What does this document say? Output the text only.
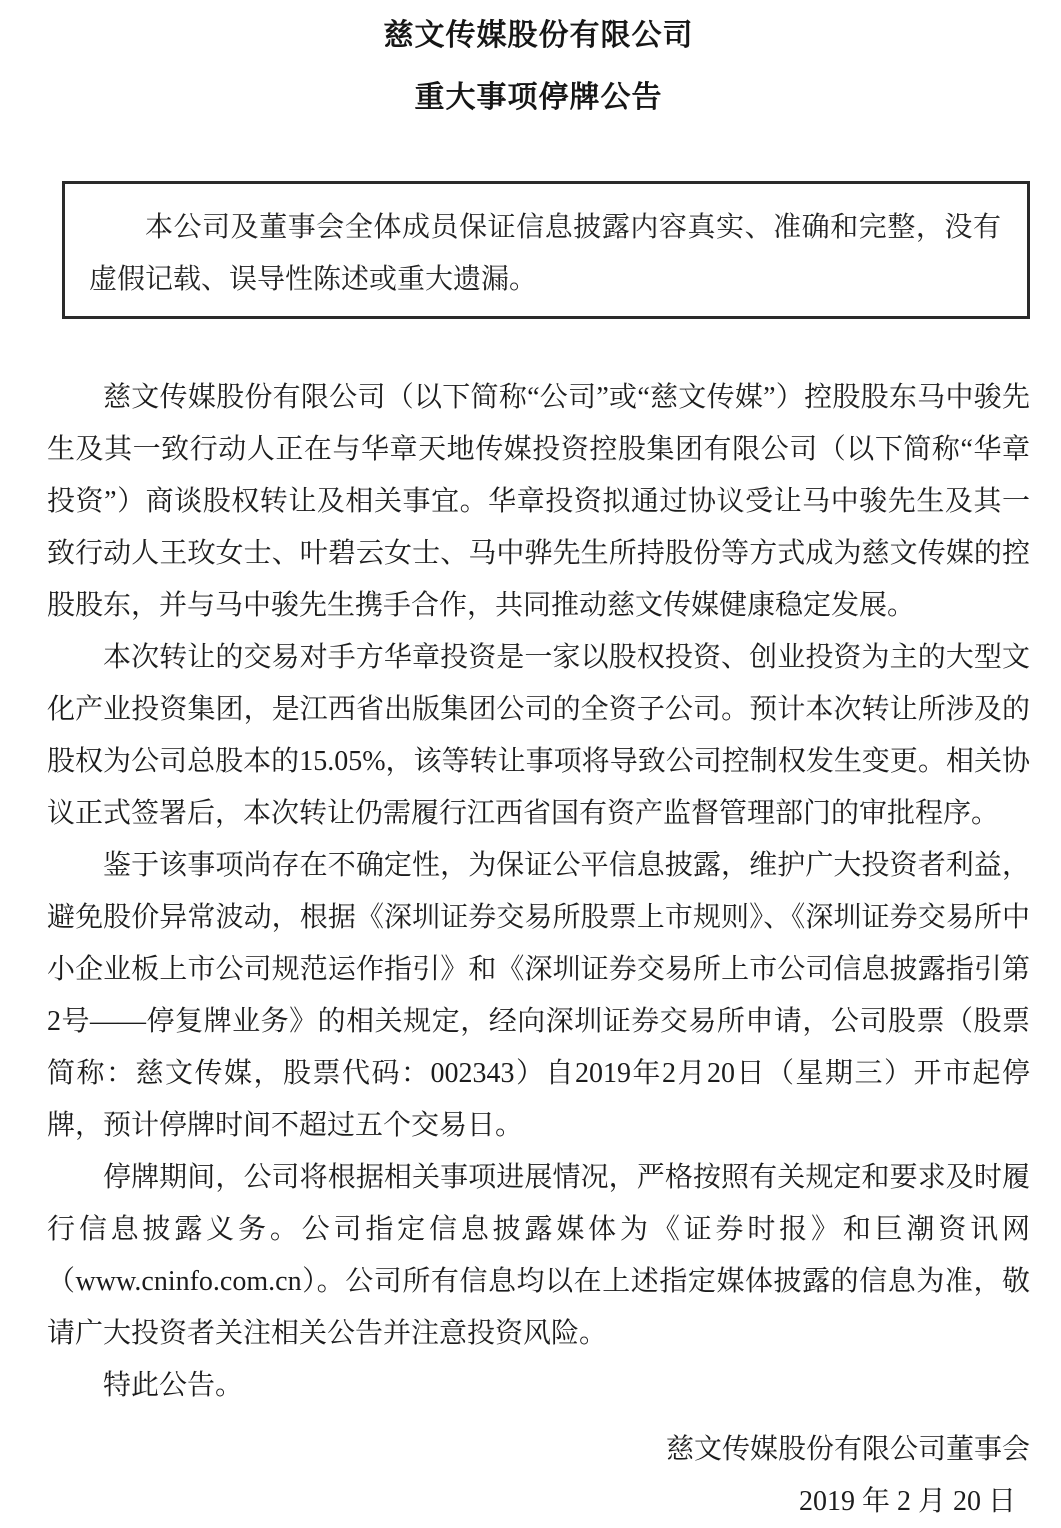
慈文传媒股份有限公司
重大事项停牌公告

本公司及董事会全体成员保证信息披露内容真实、准确和完整，没有虚假记载、误导性陈述或重大遗漏。

慈文传媒股份有限公司（以下简称“公司”或“慈文传媒”）控股股东马中骏先生及其一致行动人正在与华章天地传媒投资控股集团有限公司（以下简称“华章投资”）商谈股权转让及相关事宜。华章投资拟通过协议受让马中骏先生及其一致行动人王玫女士、叶碧云女士、马中骅先生所持股份等方式成为慈文传媒的控股股东，并与马中骏先生携手合作，共同推动慈文传媒健康稳定发展。

本次转让的交易对手方华章投资是一家以股权投资、创业投资为主的大型文化产业投资集团，是江西省出版集团公司的全资子公司。预计本次转让所涉及的股权为公司总股本的15.05%，该等转让事项将导致公司控制权发生变更。相关协议正式签署后，本次转让仍需履行江西省国有资产监督管理部门的审批程序。

鉴于该事项尚存在不确定性，为保证公平信息披露，维护广大投资者利益，避免股价异常波动，根据《深圳证券交易所股票上市规则》、《深圳证券交易所中小企业板上市公司规范运作指引》和《深圳证券交易所上市公司信息披露指引第2号——停复牌业务》的相关规定，经向深圳证券交易所申请，公司股票（股票简称：慈文传媒，股票代码：002343）自2019年2月20日（星期三）开市起停牌，预计停牌时间不超过五个交易日。

停牌期间，公司将根据相关事项进展情况，严格按照有关规定和要求及时履行信息披露义务。公司指定信息披露媒体为《证券时报》和巨潮资讯网（www.cninfo.com.cn）。公司所有信息均以在上述指定媒体披露的信息为准，敬请广大投资者关注相关公告并注意投资风险。

特此公告。

慈文传媒股份有限公司董事会

2019 年 2 月 20 日
